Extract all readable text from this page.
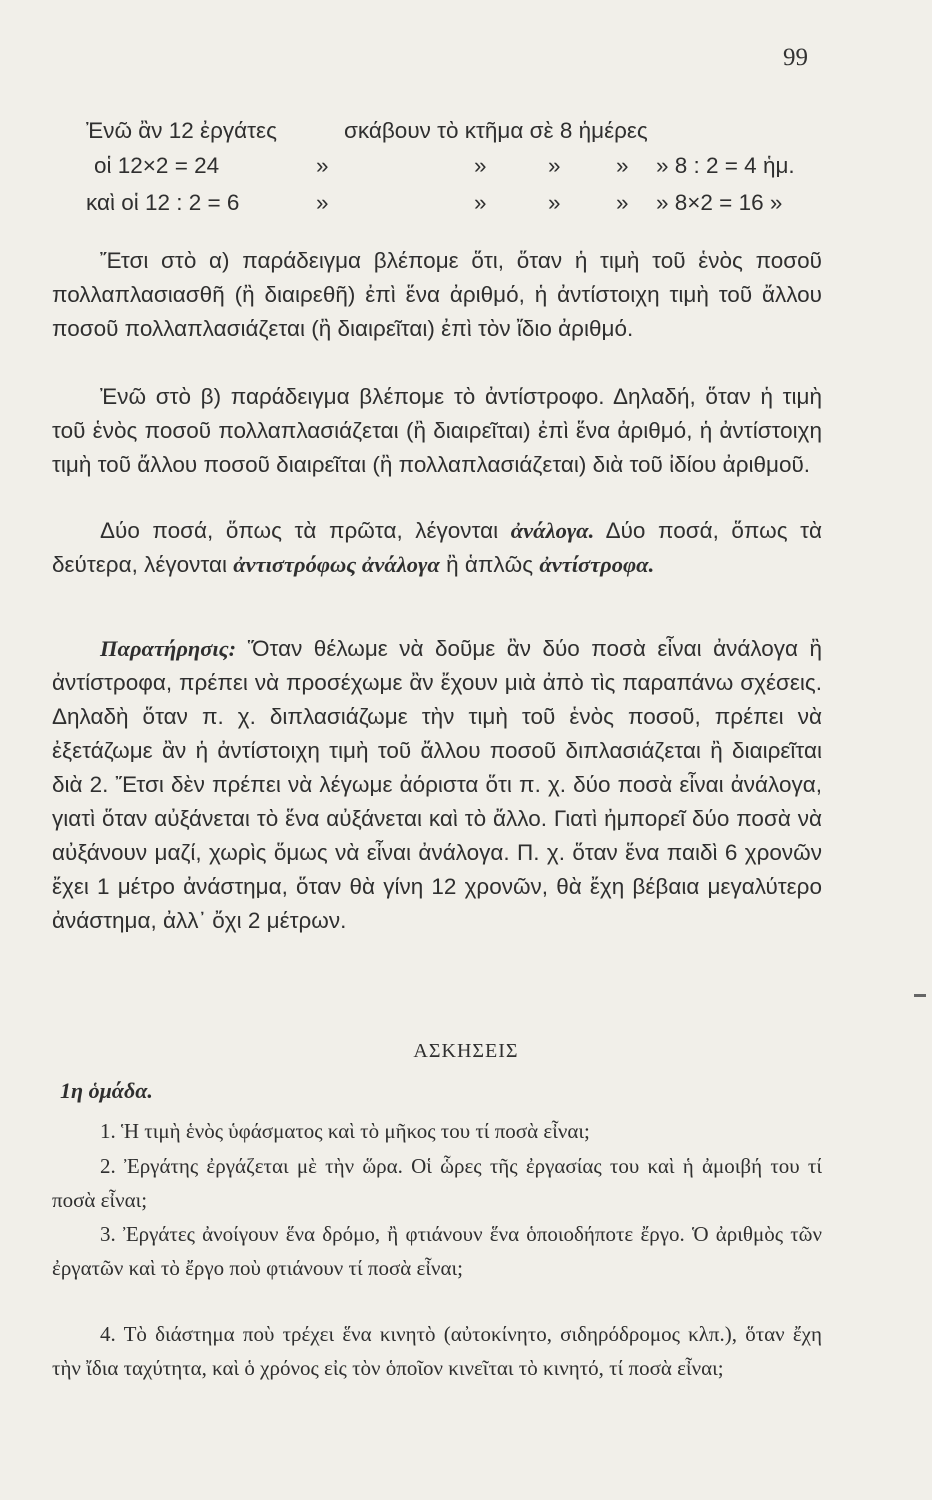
99
Ἐνῶ ἂν 12 ἐργάτες	σκάβουν τὸ κτῆμα σὲ 8 ἡμέρες
οἱ 12×2 = 24	»	»	» » » 8 : 2 = 4 ἡμ.
καὶ οἱ 12 : 2 = 6	»	»	» » » 8×2 = 16 »
Ἔτσι στὸ α) παράδειγμα βλέπομε ὅτι, ὅταν ἡ τιμὴ τοῦ ἑνὸς ποσοῦ πολλαπλασιασθῆ (ἢ διαιρεθῆ) ἐπὶ ἕνα ἀριθμό, ἡ ἀντίστοιχη τιμὴ τοῦ ἄλλου ποσοῦ πολλαπλασιάζεται (ἢ διαιρεῖται) ἐπὶ τὸν ἴδιο ἀριθμό.
Ἐνῶ στὸ β) παράδειγμα βλέπομε τὸ ἀντίστροφο. Δηλαδή, ὅταν ἡ τιμὴ τοῦ ἑνὸς ποσοῦ πολλαπλασιάζεται (ἢ διαιρεῖται) ἐπὶ ἕνα ἀριθμό, ἡ ἀντίστοιχη τιμὴ τοῦ ἄλλου ποσοῦ διαιρεῖται (ἢ πολλαπλασιάζεται) διὰ τοῦ ἰδίου ἀριθμοῦ.
Δύο ποσά, ὅπως τὰ πρῶτα, λέγονται ἀνάλογα. Δύο ποσά, ὅπως τὰ δεύτερα, λέγονται ἀντιστρόφως ἀνάλογα ἢ ἁπλῶς ἀντίστροφα.
Παρατήρησις: Ὅταν θέλωμε νὰ δοῦμε ἂν δύο ποσὰ εἶναι ἀνάλογα ἢ ἀντίστροφα, πρέπει νὰ προσέχωμε ἂν ἔχουν μιὰ ἀπὸ τὶς παραπάνω σχέσεις. Δηλαδὴ ὅταν π. χ. διπλασιάζωμε τὴν τιμὴ τοῦ ἑνὸς ποσοῦ, πρέπει νὰ ἐξετάζωμε ἂν ἡ ἀντίστοιχη τιμὴ τοῦ ἄλλου ποσοῦ διπλασιάζεται ἢ διαιρεῖται διὰ 2. Ἔτσι δὲν πρέπει νὰ λέγωμε ἀόριστα ὅτι π. χ. δύο ποσὰ εἶναι ἀνάλογα, γιατὶ ὅταν αὐξάνεται τὸ ἕνα αὐξάνεται καὶ τὸ ἄλλο. Γιατὶ ἠμπορεῖ δύο ποσὰ νὰ αὐξάνουν μαζί, χωρὶς ὅμως νὰ εἶναι ἀνάλογα. Π. χ. ὅταν ἕνα παιδὶ 6 χρονῶν ἔχει 1 μέτρο ἀνάστημα, ὅταν θὰ γίνη 12 χρονῶν, θὰ ἔχη βέβαια μεγαλύτερο ἀνάστημα, ἀλλ᾽ ὄχι 2 μέτρων.
ΑΣΚΗΣΕΙΣ
1η ὁμάδα.
1. Ἡ τιμὴ ἑνὸς ὑφάσματος καὶ τὸ μῆκος του τί ποσὰ εἶναι;
2. Ἐργάτης ἐργάζεται μὲ τὴν ὥρα. Οἱ ὧρες τῆς ἐργασίας του καὶ ἡ ἀμοιβή του τί ποσὰ εἶναι;
3. Ἐργάτες ἀνοίγουν ἕνα δρόμο, ἢ φτιάνουν ἕνα ὁποιοδήποτε ἔργο. Ὁ ἀριθμὸς τῶν ἐργατῶν καὶ τὸ ἔργο ποὺ φτιάνουν τί ποσὰ εἶναι;
4. Τὸ διάστημα ποὺ τρέχει ἕνα κινητὸ (αὐτοκίνητο, σιδηρόδρομος κλπ.), ὅταν ἔχη τὴν ἴδια ταχύτητα, καὶ ὁ χρόνος εἰς τὸν ὁποῖον κινεῖται τὸ κινητό, τί ποσὰ εἶναι;
